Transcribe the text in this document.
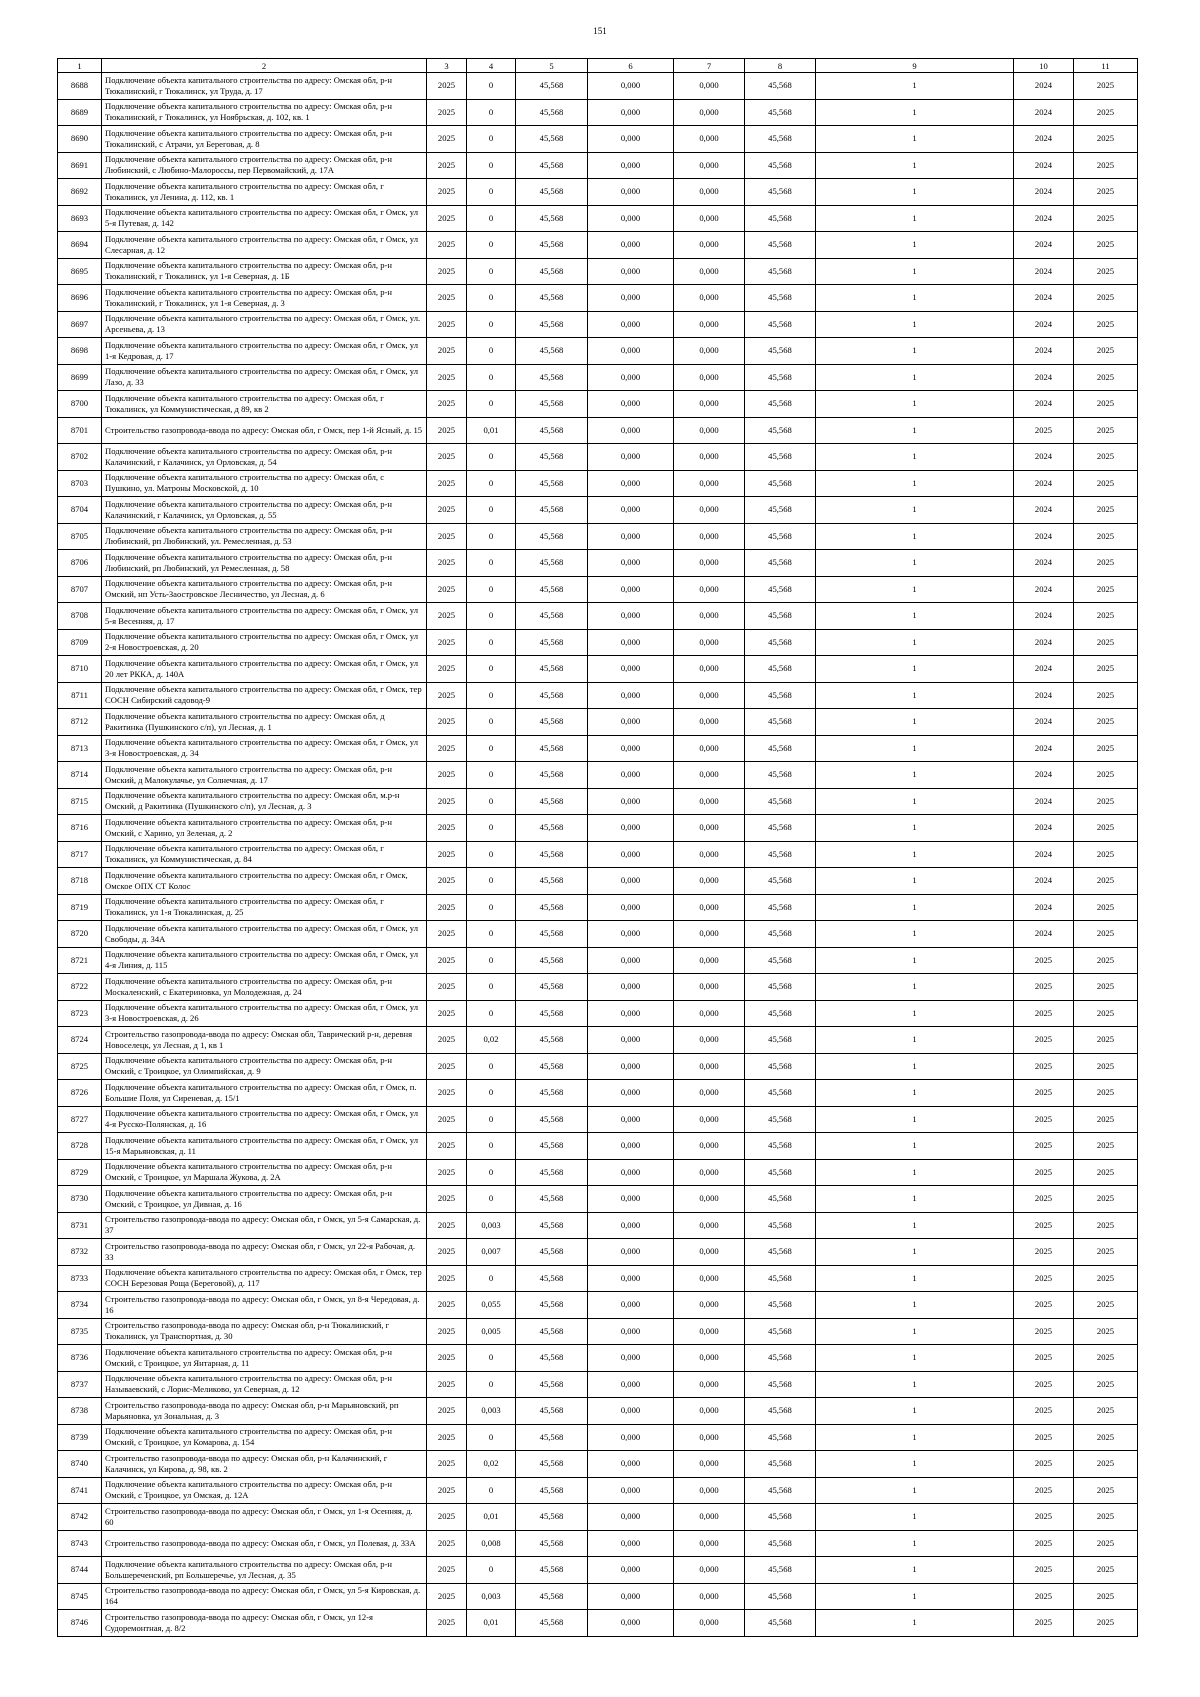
151
1	2	3	4	5	6	7	8	9	10	11
8688	Подключение объекта капитального строительства по адресу: Омская обл, р-н Тюкалинский, г Тюкалинск, ул Труда, д. 17	2025	0	45,568	0,000	0,000	45,568	1	2024	2025
8689	Подключение объекта капитального строительства по адресу: Омская обл, р-н Тюкалинский, г Тюкалинск, ул Ноябрьская, д. 102, кв. 1	2025	0	45,568	0,000	0,000	45,568	1	2024	2025
8690	Подключение объекта капитального строительства по адресу: Омская обл, р-н Тюкалинский, с Атрачи, ул Береговая, д. 8	2025	0	45,568	0,000	0,000	45,568	1	2024	2025
8691	Подключение объекта капитального строительства по адресу: Омская обл, р-н Любинский, с Любино-Малороссы, пер Первомайский, д. 17А	2025	0	45,568	0,000	0,000	45,568	1	2024	2025
8692	Подключение объекта капитального строительства по адресу: Омская обл, г Тюкалинск, ул Ленина, д. 112, кв. 1	2025	0	45,568	0,000	0,000	45,568	1	2024	2025
8693	Подключение объекта капитального строительства по адресу: Омская обл, г Омск, ул 5-я Путевая, д. 142	2025	0	45,568	0,000	0,000	45,568	1	2024	2025
8694	Подключение объекта капитального строительства по адресу: Омская обл, г Омск, ул Слесарная, д. 12	2025	0	45,568	0,000	0,000	45,568	1	2024	2025
8695	Подключение объекта капитального строительства по адресу: Омская обл, р-н Тюкалинский, г Тюкалинск, ул 1-я Северная, д. 1Б	2025	0	45,568	0,000	0,000	45,568	1	2024	2025
8696	Подключение объекта капитального строительства по адресу: Омская обл, р-н Тюкалинский, г Тюкалинск, ул 1-я Северная, д. 3	2025	0	45,568	0,000	0,000	45,568	1	2024	2025
8697	Подключение объекта капитального строительства по адресу: Омская обл, г Омск, ул. Арсеньева, д. 13	2025	0	45,568	0,000	0,000	45,568	1	2024	2025
8698	Подключение объекта капитального строительства по адресу: Омская обл, г Омск, ул 1-я Кедровая, д. 17	2025	0	45,568	0,000	0,000	45,568	1	2024	2025
8699	Подключение объекта капитального строительства по адресу: Омская обл, г Омск, ул Лазо, д. 33	2025	0	45,568	0,000	0,000	45,568	1	2024	2025
8700	Подключение объекта капитального строительства по адресу: Омская обл, г Тюкалинск, ул Коммунистическая, д 89, кв 2	2025	0	45,568	0,000	0,000	45,568	1	2024	2025
8701	Строительство газопровода-ввода по адресу: Омская обл, г Омск, пер 1-й Ясный, д. 15	2025	0,01	45,568	0,000	0,000	45,568	1	2025	2025
8702	Подключение объекта капитального строительства по адресу: Омская обл, р-н Калачинский, г Калачинск, ул Орловская, д. 54	2025	0	45,568	0,000	0,000	45,568	1	2024	2025
8703	Подключение объекта капитального строительства по адресу: Омская обл, с Пушкино, ул. Матроны Московской, д. 10	2025	0	45,568	0,000	0,000	45,568	1	2024	2025
8704	Подключение объекта капитального строительства по адресу: Омская обл, р-н Калачинский, г Калачинск, ул Орловская, д. 55	2025	0	45,568	0,000	0,000	45,568	1	2024	2025
8705	Подключение объекта капитального строительства по адресу: Омская обл, р-н Любинский, рп Любинский, ул. Ремесленная, д. 53	2025	0	45,568	0,000	0,000	45,568	1	2024	2025
8706	Подключение объекта капитального строительства по адресу: Омская обл, р-н Любинский, рп Любинский, ул Ремесленная, д. 58	2025	0	45,568	0,000	0,000	45,568	1	2024	2025
8707	Подключение объекта капитального строительства по адресу: Омская обл, р-н Омский, нп Усть-Заостровское Лесничество, ул Лесная, д. 6	2025	0	45,568	0,000	0,000	45,568	1	2024	2025
8708	Подключение объекта капитального строительства по адресу: Омская обл, г Омск, ул 5-я Весенняя, д. 17	2025	0	45,568	0,000	0,000	45,568	1	2024	2025
8709	Подключение объекта капитального строительства по адресу: Омская обл, г Омск, ул 2-я Новостроевская, д. 20	2025	0	45,568	0,000	0,000	45,568	1	2024	2025
8710	Подключение объекта капитального строительства по адресу: Омская обл, г Омск, ул 20 лет РККА, д. 140А	2025	0	45,568	0,000	0,000	45,568	1	2024	2025
8711	Подключение объекта капитального строительства по адресу: Омская обл, г Омск, тер СОСН Сибирский садовод-9	2025	0	45,568	0,000	0,000	45,568	1	2024	2025
8712	Подключение объекта капитального строительства по адресу: Омская обл, д Ракитинка (Пушкинского с/п), ул Лесная, д. 1	2025	0	45,568	0,000	0,000	45,568	1	2024	2025
8713	Подключение объекта капитального строительства по адресу: Омская обл, г Омск, ул 3-я Новостроевская, д. 34	2025	0	45,568	0,000	0,000	45,568	1	2024	2025
8714	Подключение объекта капитального строительства по адресу: Омская обл, р-н Омский, д Малокулачье, ул Солнечная, д. 17	2025	0	45,568	0,000	0,000	45,568	1	2024	2025
8715	Подключение объекта капитального строительства по адресу: Омская обл, м.р-н Омский, д Ракитинка (Пушкинского с/п), ул Лесная, д. 3	2025	0	45,568	0,000	0,000	45,568	1	2024	2025
8716	Подключение объекта капитального строительства по адресу: Омская обл, р-н Омский, с Харино, ул Зеленая, д. 2	2025	0	45,568	0,000	0,000	45,568	1	2024	2025
8717	Подключение объекта капитального строительства по адресу: Омская обл, г Тюкалинск, ул Коммунистическая, д. 84	2025	0	45,568	0,000	0,000	45,568	1	2024	2025
8718	Подключение объекта капитального строительства по адресу: Омская обл, г Омск, Омское ОПХ СТ Колос	2025	0	45,568	0,000	0,000	45,568	1	2024	2025
8719	Подключение объекта капитального строительства по адресу: Омская обл, г Тюкалинск, ул 1-я Тюкалинская, д. 25	2025	0	45,568	0,000	0,000	45,568	1	2024	2025
8720	Подключение объекта капитального строительства по адресу: Омская обл, г Омск, ул Свободы, д. 34А	2025	0	45,568	0,000	0,000	45,568	1	2024	2025
8721	Подключение объекта капитального строительства по адресу: Омская обл, г Омск, ул 4-я Линия, д. 115	2025	0	45,568	0,000	0,000	45,568	1	2025	2025
8722	Подключение объекта капитального строительства по адресу: Омская обл, р-н Москаленский, с Екатериновка, ул Молодежная, д. 24	2025	0	45,568	0,000	0,000	45,568	1	2025	2025
8723	Подключение объекта капитального строительства по адресу: Омская обл, г Омск, ул 3-я Новостроевская, д. 26	2025	0	45,568	0,000	0,000	45,568	1	2025	2025
8724	Строительство газопровода-ввода по адресу: Омская обл, Таврический р-н, деревня Новоселецк, ул Лесная, д 1, кв 1	2025	0,02	45,568	0,000	0,000	45,568	1	2025	2025
8725	Подключение объекта капитального строительства по адресу: Омская обл, р-н Омский, с Троицкое, ул Олимпийская, д. 9	2025	0	45,568	0,000	0,000	45,568	1	2025	2025
8726	Подключение объекта капитального строительства по адресу: Омская обл, г Омск, п. Большие Поля, ул Сиреневая, д. 15/1	2025	0	45,568	0,000	0,000	45,568	1	2025	2025
8727	Подключение объекта капитального строительства по адресу: Омская обл, г Омск, ул 4-я Русско-Полянская, д. 16	2025	0	45,568	0,000	0,000	45,568	1	2025	2025
8728	Подключение объекта капитального строительства по адресу: Омская обл, г Омск, ул 15-я Марьяновская, д. 11	2025	0	45,568	0,000	0,000	45,568	1	2025	2025
8729	Подключение объекта капитального строительства по адресу: Омская обл, р-н Омский, с Троицкое, ул Маршала Жукова, д. 2А	2025	0	45,568	0,000	0,000	45,568	1	2025	2025
8730	Подключение объекта капитального строительства по адресу: Омская обл, р-н Омский, с Троицкое, ул Дивная, д. 16	2025	0	45,568	0,000	0,000	45,568	1	2025	2025
8731	Строительство газопровода-ввода по адресу: Омская обл, г Омск, ул 5-я Самарская, д. 37	2025	0,003	45,568	0,000	0,000	45,568	1	2025	2025
8732	Строительство газопровода-ввода по адресу: Омская обл, г Омск, ул 22-я Рабочая, д. 33	2025	0,007	45,568	0,000	0,000	45,568	1	2025	2025
8733	Подключение объекта капитального строительства по адресу: Омская обл, г Омск, тер СОСН Березовая Роща (Береговой), д. 117	2025	0	45,568	0,000	0,000	45,568	1	2025	2025
8734	Строительство газопровода-ввода по адресу: Омская обл, г Омск, ул 8-я Чередовая, д. 16	2025	0,055	45,568	0,000	0,000	45,568	1	2025	2025
8735	Строительство газопровода-ввода по адресу: Омская обл, р-н Тюкалинский, г Тюкалинск, ул Транспортная, д. 30	2025	0,005	45,568	0,000	0,000	45,568	1	2025	2025
8736	Подключение объекта капитального строительства по адресу: Омская обл, р-н Омский, с Троицкое, ул Янтарная, д. 11	2025	0	45,568	0,000	0,000	45,568	1	2025	2025
8737	Подключение объекта капитального строительства по адресу: Омская обл, р-н Называевский, с Лорис-Меликово, ул Северная, д. 12	2025	0	45,568	0,000	0,000	45,568	1	2025	2025
8738	Строительство газопровода-ввода по адресу: Омская обл, р-н Марьяновский, рп Марьяновка, ул Зональная, д. 3	2025	0,003	45,568	0,000	0,000	45,568	1	2025	2025
8739	Подключение объекта капитального строительства по адресу: Омская обл, р-н Омский, с Троицкое, ул Комарова, д. 154	2025	0	45,568	0,000	0,000	45,568	1	2025	2025
8740	Строительство газопровода-ввода по адресу: Омская обл, р-н Калачинский, г Калачинск, ул Кирова, д. 98, кв. 2	2025	0,02	45,568	0,000	0,000	45,568	1	2025	2025
8741	Подключение объекта капитального строительства по адресу: Омская обл, р-н Омский, с Троицкое, ул Омская, д. 12А	2025	0	45,568	0,000	0,000	45,568	1	2025	2025
8742	Строительство газопровода-ввода по адресу: Омская обл, г Омск, ул 1-я Осенняя, д. 60	2025	0,01	45,568	0,000	0,000	45,568	1	2025	2025
8743	Строительство газопровода-ввода по адресу: Омская обл, г Омск, ул Полевая, д. 33А	2025	0,008	45,568	0,000	0,000	45,568	1	2025	2025
8744	Подключение объекта капитального строительства по адресу: Омская обл, р-н Большереченский, рп Большеречье, ул Лесная, д. 35	2025	0	45,568	0,000	0,000	45,568	1	2025	2025
8745	Строительство газопровода-ввода по адресу: Омская обл, г Омск, ул 5-я Кировская, д. 164	2025	0,003	45,568	0,000	0,000	45,568	1	2025	2025
8746	Строительство газопровода-ввода по адресу: Омская обл, г Омск, ул 12-я Судоремонтная, д. 8/2	2025	0,01	45,568	0,000	0,000	45,568	1	2025	2025
